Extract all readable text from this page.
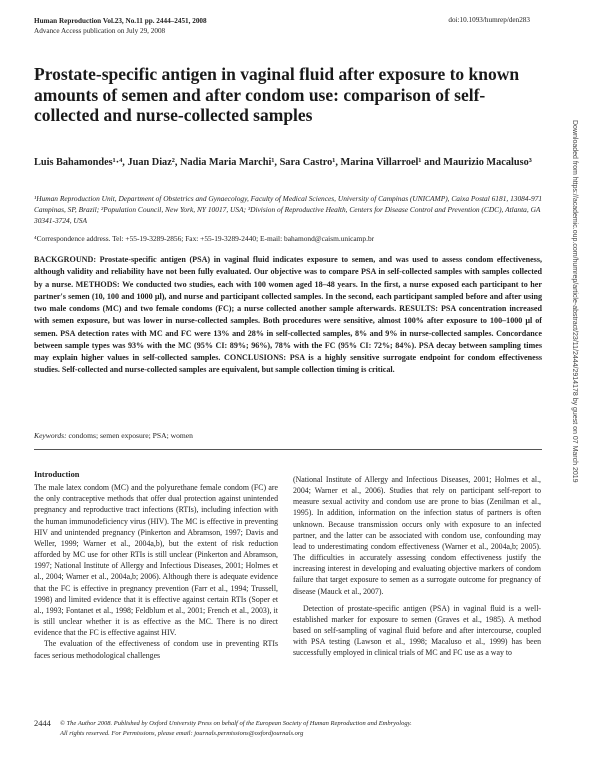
Human Reproduction Vol.23, No.11 pp. 2444–2451, 2008
Advance Access publication on July 29, 2008
doi:10.1093/humrep/den283
Prostate-specific antigen in vaginal fluid after exposure to known amounts of semen and after condom use: comparison of self-collected and nurse-collected samples
Luis Bahamondes¹·⁴, Juan Diaz², Nadia Maria Marchi¹, Sara Castro¹, Marina Villarroel¹ and Maurizio Macaluso³
¹Human Reproduction Unit, Department of Obstetrics and Gynaecology, Faculty of Medical Sciences, University of Campinas (UNICAMP), Caixa Postal 6181, 13084-971 Campinas, SP, Brazil; ²Population Council, New York, NY 10017, USA; ³Division of Reproductive Health, Centers for Disease Control and Prevention (CDC), Atlanta, GA 30341-3724, USA
⁴Correspondence address. Tel: +55-19-3289-2856; Fax: +55-19-3289-2440; E-mail: bahamond@caism.unicamp.br
BACKGROUND: Prostate-specific antigen (PSA) in vaginal fluid indicates exposure to semen, and was used to assess condom effectiveness, although validity and reliability have not been fully evaluated. Our objective was to compare PSA in self-collected samples with samples collected by a nurse. METHODS: We conducted two studies, each with 100 women aged 18–48 years. In the first, a nurse exposed each participant to her partner's semen (10, 100 and 1000 µl), and nurse and participant collected samples. In the second, each participant sampled before and after using two male condoms (MC) and two female condoms (FC); a nurse collected another sample afterwards. RESULTS: PSA concentration increased with semen exposure, but was lower in nurse-collected samples. Both procedures were sensitive, almost 100% after exposure to 100–1000 µl of semen. PSA detection rates with MC and FC were 13% and 28% in self-collected samples, 8% and 9% in nurse-collected samples. Concordance between sample types was 93% with the MC (95% CI: 89%; 96%), 78% with the FC (95% CI: 72%; 84%). PSA decay between sampling times may explain higher values in self-collected samples. CONCLUSIONS: PSA is a highly sensitive surrogate endpoint for condom effectiveness studies. Self-collected and nurse-collected samples are equivalent, but sample collection timing is critical.
Keywords: condoms; semen exposure; PSA; women
Introduction

The male latex condom (MC) and the polyurethane female condom (FC) are the only contraceptive methods that offer dual protection against unintended pregnancy and reproductive tract infections (RTIs), including infection with the human immunodeficiency virus (HIV). The MC is effective in preventing HIV and unintended pregnancy (Pinkerton and Abramson, 1997; Davis and Weller, 1999; Warner et al., 2004a,b), but the extent of risk reduction afforded by MC use for other RTIs is still unclear (Pinkerton and Abramson, 1997; National Institute of Allergy and Infectious Diseases, 2001; Holmes et al., 2004; Warner et al., 2004a,b; 2006). Although there is adequate evidence that the FC is effective in pregnancy prevention (Farr et al., 1994; Trussell, 1998) and limited evidence that it is effective against certain RTIs (Soper et al., 1993; Fontanet et al., 1998; Feldblum et al., 2001; French et al., 2003), it is still unclear whether it is as effective as the MC. There is no direct evidence that the FC is effective against HIV.

The evaluation of the effectiveness of condom use in preventing RTIs faces serious methodological challenges

(National Institute of Allergy and Infectious Diseases, 2001; Holmes et al., 2004; Warner et al., 2006). Studies that rely on participant self-report to measure sexual activity and condom use are prone to bias (Zenilman et al., 1995). In addition, information on the infection status of partners is often unknown. Because transmission occurs only with exposure to an infected partner, and the latter can be associated with condom use, confounding may lead to underestimating condom effectiveness (Warner et al., 2004a,b; 2005). The difficulties in accurately assessing condom effectiveness justify the increasing interest in developing and evaluating objective markers of condom failure that target exposure to semen as a surrogate outcome for pregnancy of disease (Mauck et al., 2007).

Detection of prostate-specific antigen (PSA) in vaginal fluid is a well-established marker for exposure to semen (Graves et al., 1985). A method based on self-sampling of vaginal fluid before and after intercourse, coupled with PSA testing (Lawson et al., 1998; Macaluso et al., 1999) has been successfully employed in clinical trials of MC and FC use as a way to

2444 © The Author 2008. Published by Oxford University Press on behalf of the European Society of Human Reproduction and Embryology.
All rights reserved. For Permissions, please email: journals.permissions@oxfordjournals.org
Downloaded from https://academic.oup.com/humrep/article-abstract/23/11/2444/2914178 by guest on 07 March 2019
